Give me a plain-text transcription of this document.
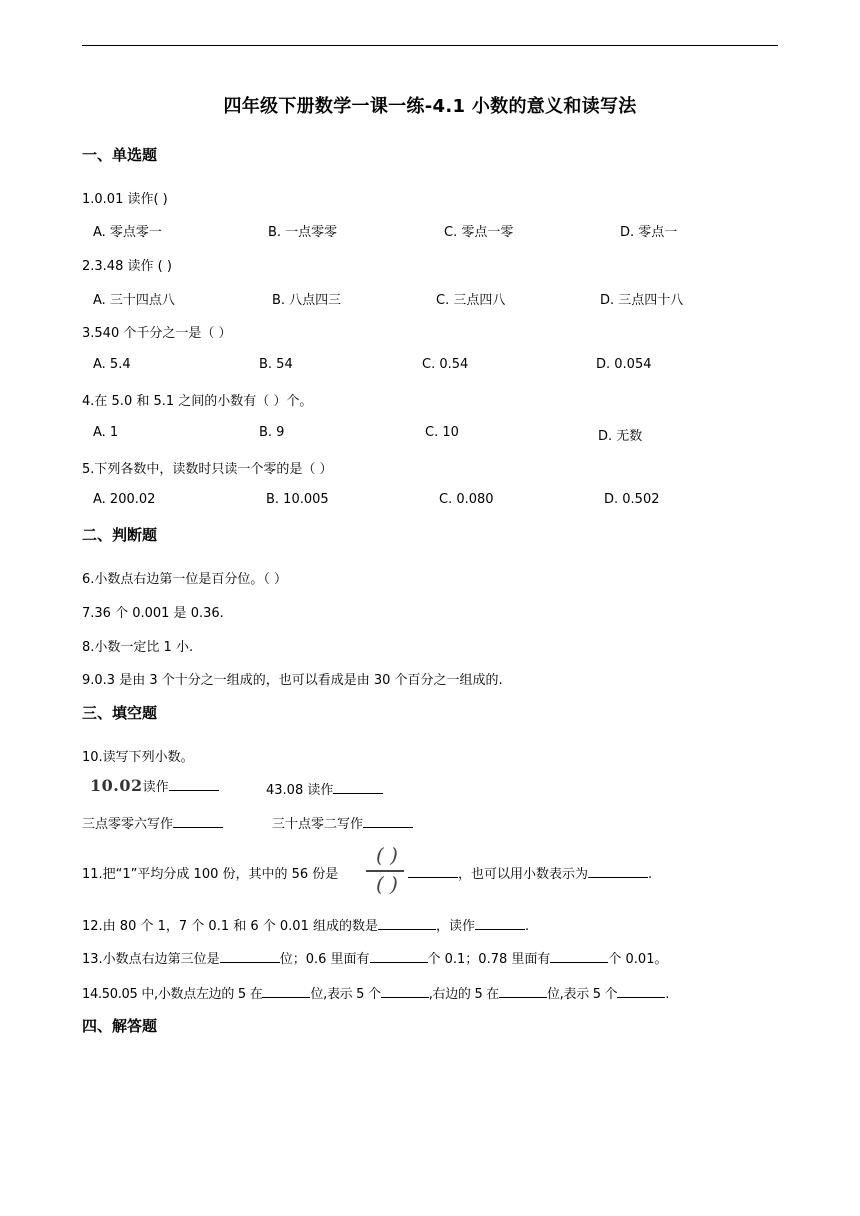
四年级下册数学一课一练-4.1 小数的意义和读写法
一、单选题
1.0.01 读作( )
A. 零点零一	B. 一点零零	C. 零点一零	D. 零点一
2.3.48 读作 ( )
A. 三十四点八	B. 八点四三	C. 三点四八	D. 三点四十八
3.540 个千分之一是（ ）
A. 5.4	B. 54	C. 0.54	D. 0.054
4.在 5.0 和 5.1 之间的小数有（ ）个。
A. 1	B. 9	C. 10	D. 无数
5.下列各数中，读数时只读一个零的是（ ）
A. 200.02	B. 10.005	C. 0.080	D. 0.502
二、判断题
6.小数点右边第一位是百分位。（ ）
7.36 个 0.001 是 0.36.
8.小数一定比 1 小.
9.0.3 是由 3 个十分之一组成的，也可以看成是由 30 个百分之一组成的.
三、填空题
10.读写下列小数。
10.02读作	43.08 读作
三点零零六写作	三十点零二写作
11.把“1”平均分成 100 份，其中的 56 份是
( )
( )	，也可以用小数表示为	.
12.由 80 个 1，7 个 0.1 和 6 个 0.01 组成的数是	，读作	.
13.小数点右边第三位是	位；0.6 里面有	个 0.1；0.78 里面有	个 0.01。
14.50.05 中,小数点左边的 5 在	位,表示 5 个	,右边的 5 在	位,表示 5 个	.
四、解答题
